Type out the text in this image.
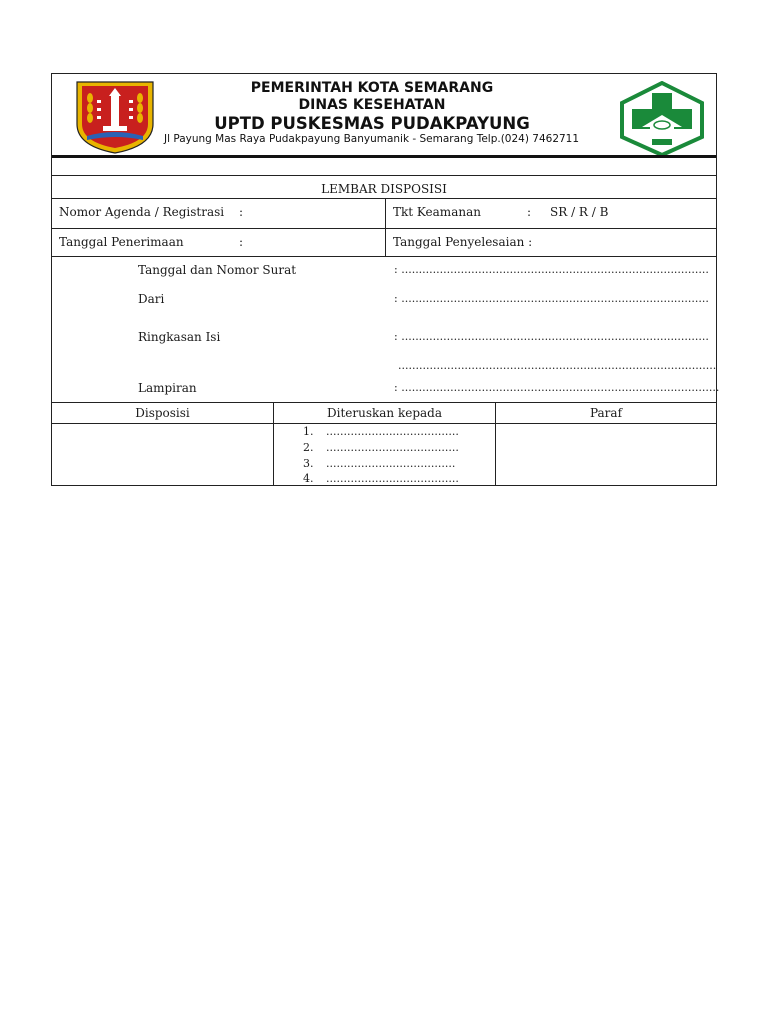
PEMERINTAH KOTA SEMARANG
DINAS KESEHATAN
UPTD PUSKESMAS PUDAKPAYUNG
Jl Payung Mas Raya Pudakpayung Banyumanik - Semarang Telp.(024) 7462711
LEMBAR DISPOSISI
Nomor Agenda / Registrasi :	Tkt Keamanan	: SR / R / B
Tanggal Penerimaan	:	Tanggal Penyelesaian :
Tanggal dan Nomor Surat	: ........................................................................................
Dari	: ........................................................................................
Ringkasan Isi	: ........................................................................................
...........................................................................................
Lampiran	: ...........................................................................................
Disposisi	Diteruskan kepada	Paraf
1. ......................................
2. ......................................
3. .....................................
4. ......................................
